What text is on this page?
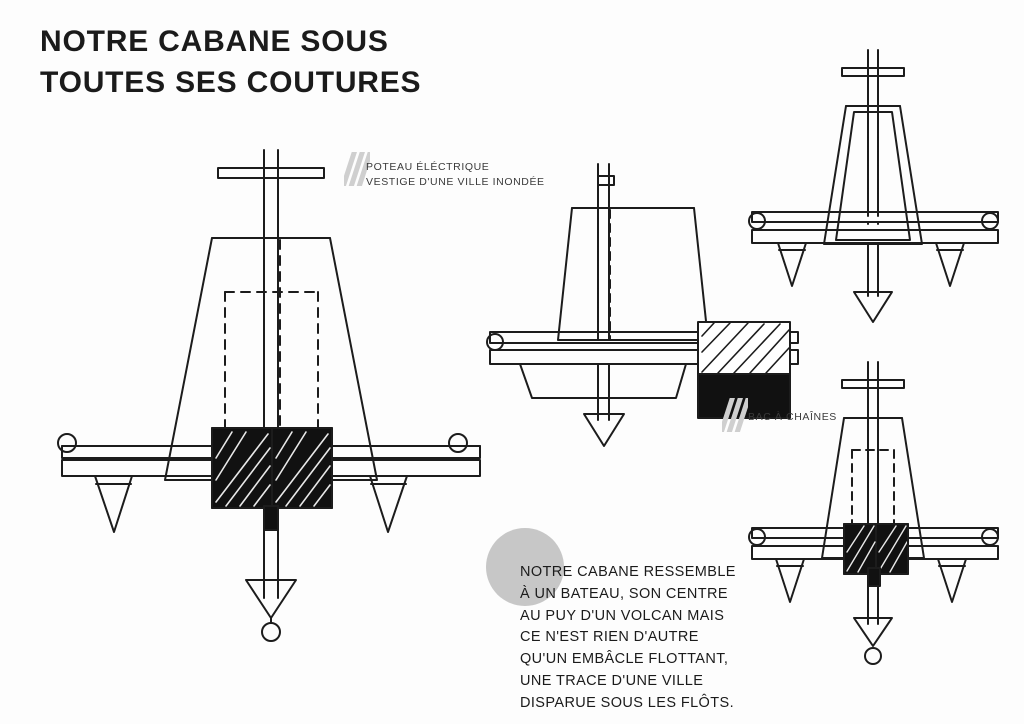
NOTRE CABANE SOUS
TOUTES SES COUTURES
POTEAU ÉLÉCTRIQUE
VESTIGE D'UNE VILLE INONDÉE
BAC À CHAÎNES
NOTRE CABANE RESSEMBLE
À UN BATEAU, SON CENTRE
AU PUY D'UN VOLCAN MAIS
CE N'EST RIEN D'AUTRE
QU'UN EMBÂCLE FLOTTANT,
UNE TRACE D'UNE VILLE
DISPARUE SOUS LES FLÔTS.
